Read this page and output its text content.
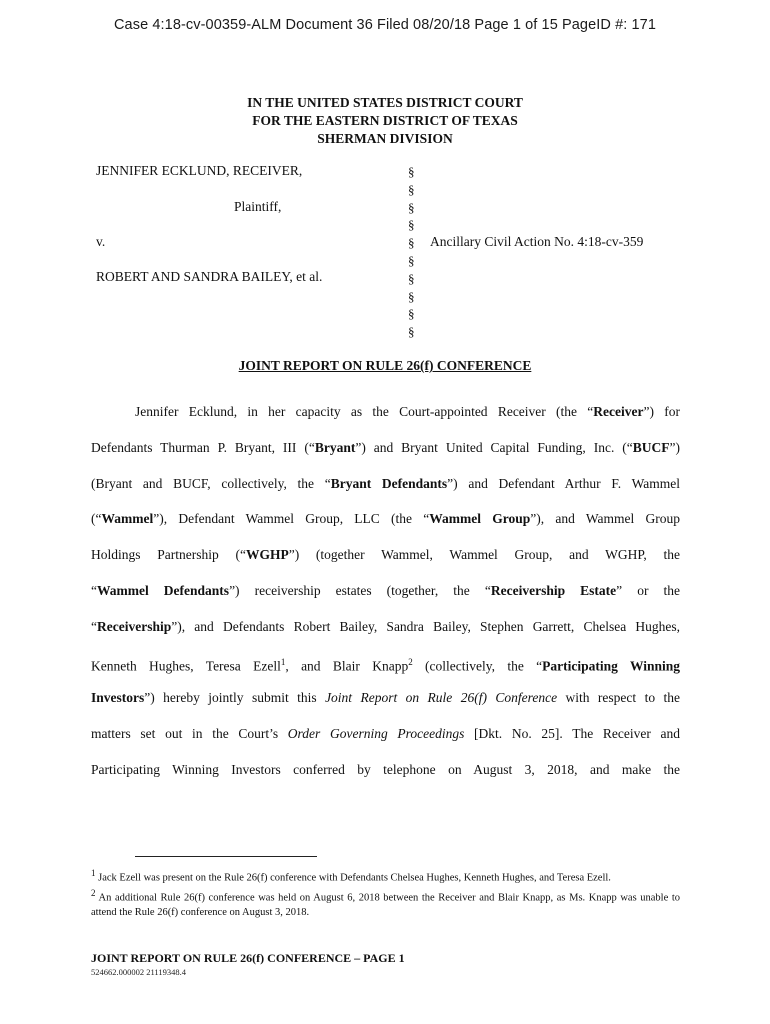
Case 4:18-cv-00359-ALM Document 36 Filed 08/20/18 Page 1 of 15 PageID #: 171
IN THE UNITED STATES DISTRICT COURT
FOR THE EASTERN DISTRICT OF TEXAS
SHERMAN DIVISION
JENNIFER ECKLUND, RECEIVER,
Plaintiff,
v.
ROBERT AND SANDRA BAILEY, et al.
§
§
§
§
§
§
§
§
§
§
Ancillary Civil Action No. 4:18-cv-359
JOINT REPORT ON RULE 26(f) CONFERENCE
Jennifer Ecklund, in her capacity as the Court-appointed Receiver (the “Receiver”) for
Defendants Thurman P. Bryant, III (“Bryant”) and Bryant United Capital Funding, Inc. (“BUCF”)
(Bryant and BUCF, collectively, the “Bryant Defendants”) and Defendant Arthur F. Wammel
(“Wammel”), Defendant Wammel Group, LLC (the “Wammel Group”), and Wammel Group
Holdings Partnership (“WGHP”) (together Wammel, Wammel Group, and WGHP, the
“Wammel Defendants”) receivership estates (together, the “Receivership Estate” or the
“Receivership”), and Defendants Robert Bailey, Sandra Bailey, Stephen Garrett, Chelsea Hughes,
Kenneth Hughes, Teresa Ezell$^1$, and Blair Knapp$^2$ (collectively, the “Participating Winning
Investors”) hereby jointly submit this Joint Report on Rule 26(f) Conference with respect to the
matters set out in the Court’s Order Governing Proceedings [Dkt. No. 25]. The Receiver and
Participating Winning Investors conferred by telephone on August 3, 2018, and make the

$^1$ Jack Ezell was present on the Rule 26(f) conference with Defendants Chelsea Hughes, Kenneth Hughes, and Teresa Ezell.

$^2$ An additional Rule 26(f) conference was held on August 6, 2018 between the Receiver and Blair Knapp, as Ms. Knapp was unable to attend the Rule 26(f) conference on August 3, 2018.

JOINT REPORT ON RULE 26(f) CONFERENCE – PAGE 1
524662.000002 21119348.4
